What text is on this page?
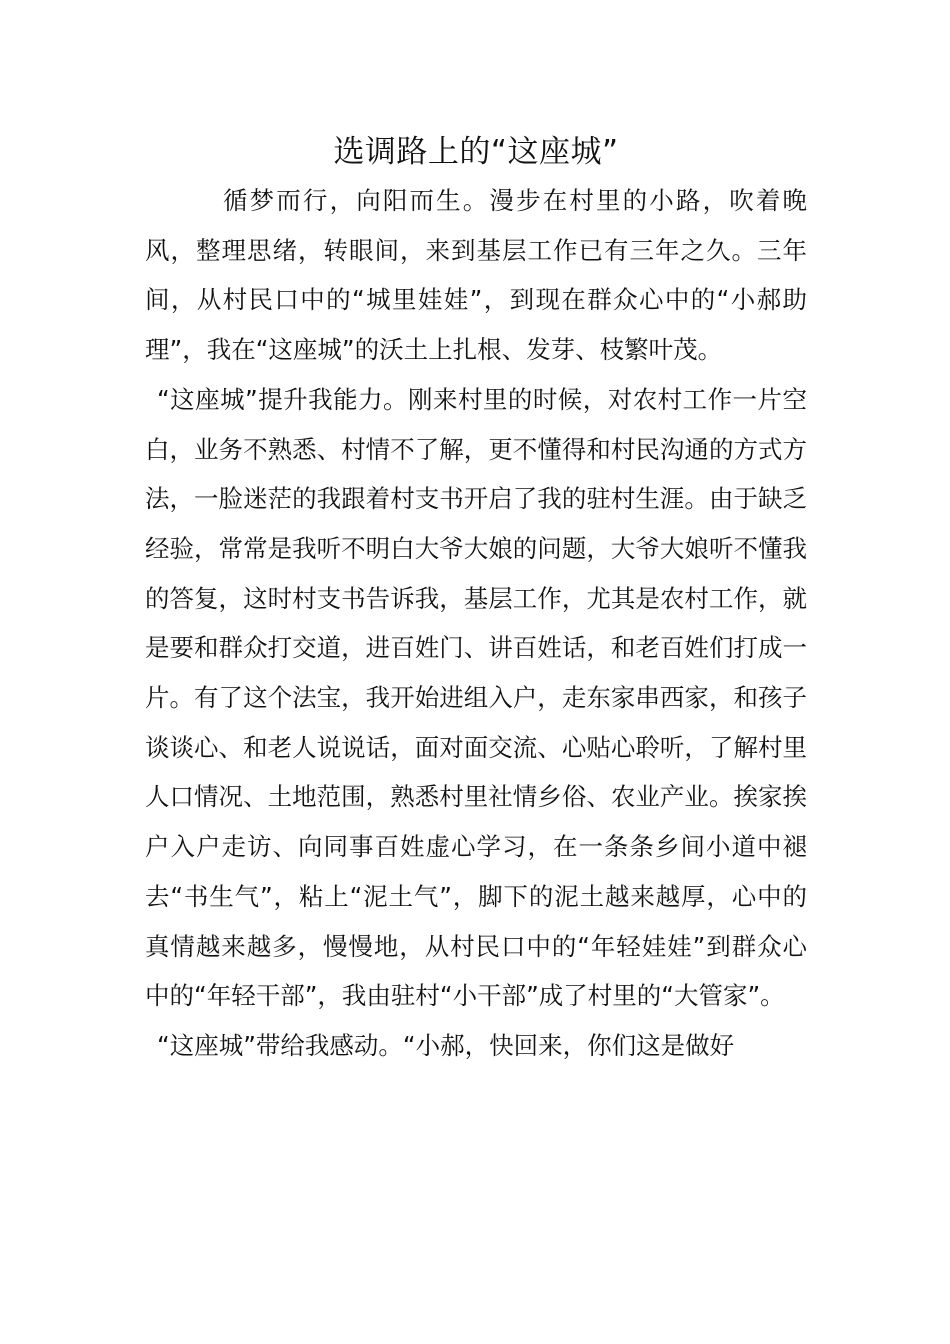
选调路上的“这座城”

循梦而行，向阳而生。漫步在村里的小路，吹着晚风，整理思绪，转眼间，来到基层工作已有三年之久。三年间，从村民口中的“城里娃娃”，到现在群众心中的“小郝助理”，我在“这座城”的沃土上扎根、发芽、枝繁叶茂。

“这座城”提升我能力。刚来村里的时候，对农村工作一片空白，业务不熟悉、村情不了解，更不懂得和村民沟通的方式方法，一脸迷茫的我跟着村支书开启了我的驻村生涯。由于缺乏经验，常常是我听不明白大爷大娘的问题，大爷大娘听不懂我的答复，这时村支书告诉我，基层工作，尤其是农村工作，就是要和群众打交道，进百姓门、讲百姓话，和老百姓们打成一片。有了这个法宝，我开始进组入户，走东家串西家，和孩子谈谈心、和老人说说话，面对面交流、心贴心聆听，了解村里人口情况、土地范围，熟悉村里社情乡俗、农业产业。挨家挨户入户走访、向同事百姓虚心学习，在一条条乡间小道中褪去“书生气”，粘上“泥土气”，脚下的泥土越来越厚，心中的真情越来越多，慢慢地，从村民口中的“年轻娃娃”到群众心中的“年轻干部”，我由驻村“小干部”成了村里的“大管家”。

“这座城”带给我感动。“小郝，快回来，你们这是做好
